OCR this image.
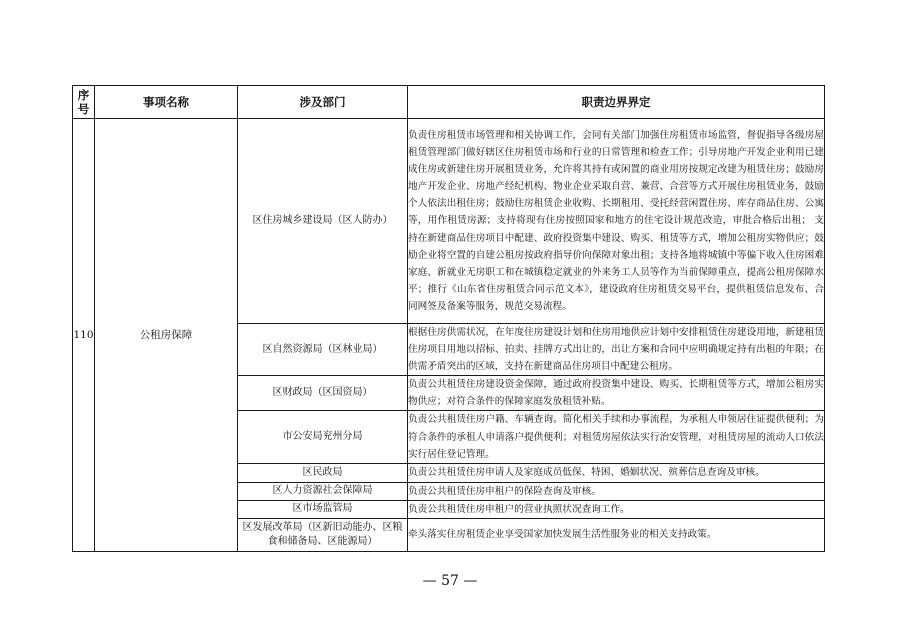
序号	事项名称	涉及部门	职责边界界定
110	公租房保障	区住房城乡建设局（区人防办）	负责住房租赁市场管理和相关协调工作，会同有关部门加强住房租赁市场监管，督促指导各级房屋租赁管理部门做好辖区住房租赁市场和行业的日常管理和检查工作；引导房地产开发企业利用已建成住房或新建住房开展租赁业务，允许将其持有或闲置的商业用房按规定改建为租赁住房；鼓励房地产开发企业、房地产经纪机构、物业企业采取自营、兼营、合营等方式开展住房租赁业务，鼓励个人依法出租住房；鼓励住房租赁企业收购、长期租用、受托经营闲置住房、库存商品住房、公寓等，用作租赁房源；支持将现有住房按照国家和地方的住宅设计规范改造，审批合格后出租； 支持在新建商品住房项目中配建、政府投资集中建设、购买、租赁等方式，增加公租房实物供应；鼓励企业将空置的自建公租房按政府指导价向保障对象出租；支持各地将城镇中等偏下收入住房困难家庭、新就业无房职工和在城镇稳定就业的外来务工人员等作为当前保障重点，提高公租房保障水平；推行《山东省住房租赁合同示范文本》，建设政府住房租赁交易平台，提供租赁信息发布、合同网签及备案等服务，规范交易流程。
		区自然资源局（区林业局）	根据住房供需状况，在年度住房建设计划和住房用地供应计划中安排租赁住房建设用地，新建租赁住房项目用地以招标、拍卖、挂牌方式出让的，出让方案和合同中应明确规定持有出租的年限；在供需矛盾突出的区域，支持在新建商品住房项目中配建公租房。
		区财政局（区国资局）	负责公共租赁住房建设资金保障，通过政府投资集中建设、购买、长期租赁等方式，增加公租房实物供应；对符合条件的保障家庭发放租赁补贴。
		市公安局兖州分局	负责公共租赁住房户籍、车辆查询。简化相关手续和办事流程，为承租人申领居住证提供便利；为符合条件的承租人申请落户提供便利；对租赁房屋依法实行治安管理，对租赁房屋的流动人口依法实行居住登记管理。
		区民政局	负责公共租赁住房申请人及家庭成员低保、特困、婚姻状况、殡葬信息查询及审核。
		区人力资源社会保障局	负责公共租赁住房申租户的保险查询及审核。
		区市场监管局	负责公共租赁住房申租户的营业执照状况查询工作。
		区发展改革局（区新旧动能办、区粮食和储备局、区能源局）	牵头落实住房租赁企业享受国家加快发展生活性服务业的相关支持政策。
— 57 —
